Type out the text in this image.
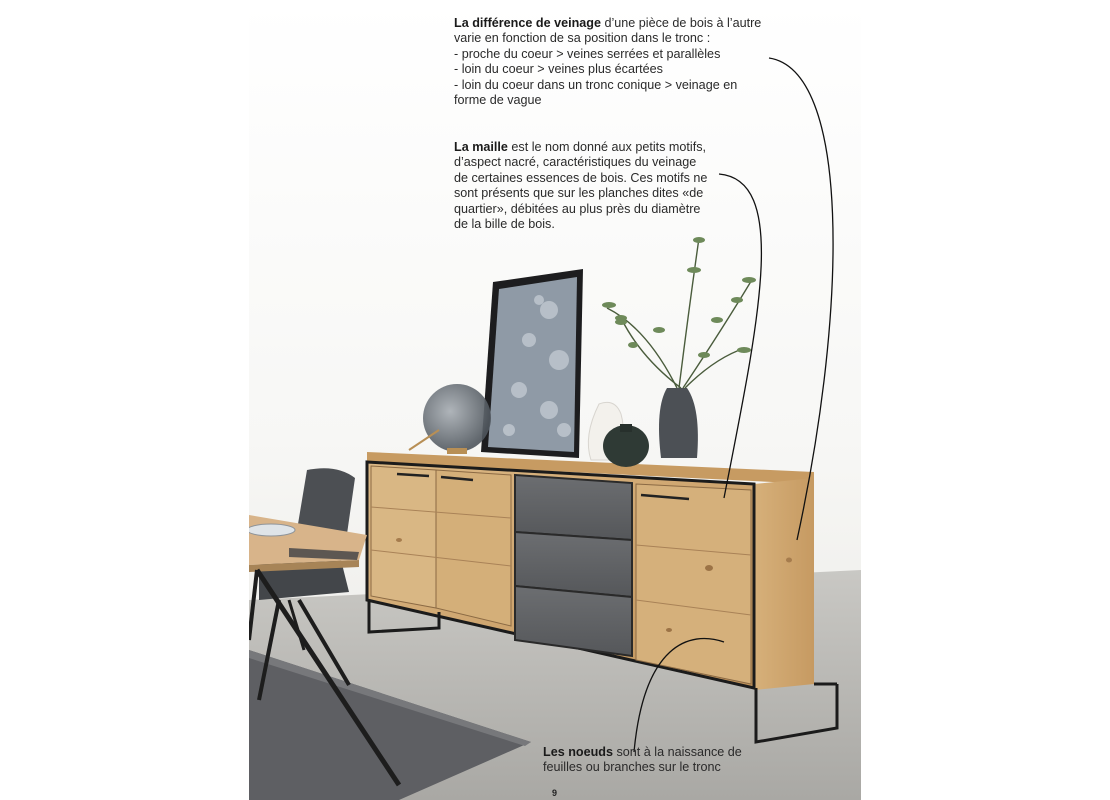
La différence de veinage d’une pièce de bois à l’autre
varie en fonction de sa position dans le tronc :
- proche du coeur > veines serrées et parallèles
- loin du coeur > veines plus écartées
- loin du coeur dans un tronc conique > veinage en
forme de vague
La maille est le nom donné aux petits motifs,
d’aspect nacré, caractéristiques du veinage
de certaines essences de bois. Ces motifs ne
sont présents que sur les planches dites «de
quartier», débitées au plus près du diamètre
de la bille de bois.
Les noeuds sont à la naissance de
feuilles ou branches sur le tronc
9
